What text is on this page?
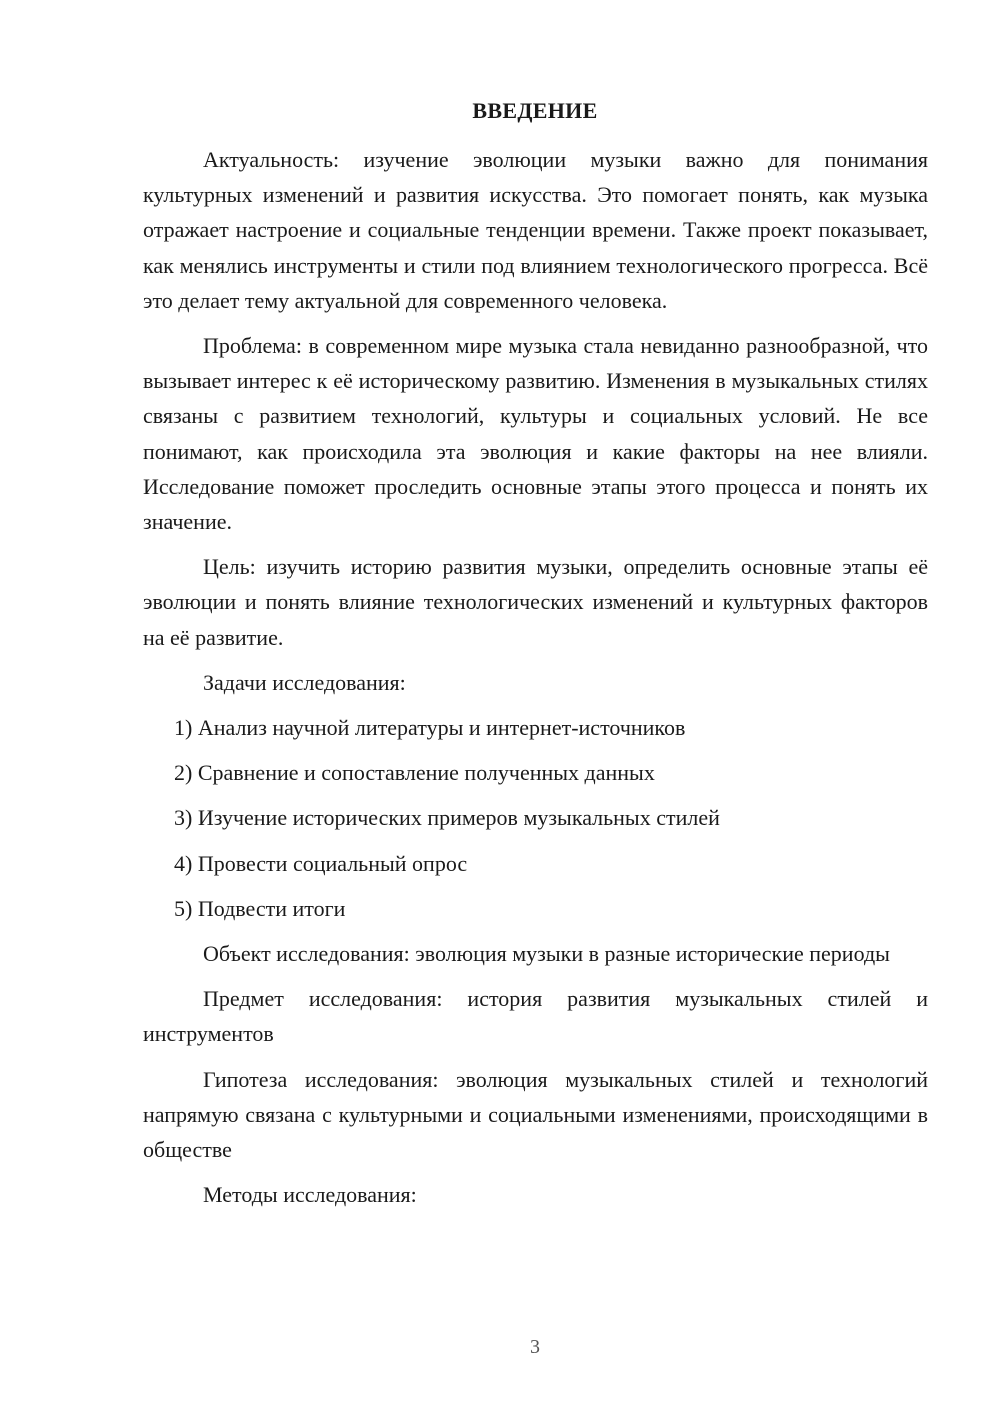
ВВЕДЕНИЕ

Актуальность: изучение эволюции музыки важно для понимания культурных изменений и развития искусства. Это помогает понять, как музыка отражает настроение и социальные тенденции времени. Также проект показывает, как менялись инструменты и стили под влиянием технологического прогресса. Всё это делает тему актуальной для современного человека.

Проблема: в современном мире музыка стала невиданно разнообразной, что вызывает интерес к её историческому развитию. Изменения в музыкальных стилях связаны с развитием технологий, культуры и социальных условий. Не все понимают, как происходила эта эволюция и какие факторы на нее влияли. Исследование поможет проследить основные этапы этого процесса и понять их значение.

Цель: изучить историю развития музыки, определить основные этапы её эволюции и понять влияние технологических изменений и культурных факторов на её развитие.

Задачи исследования:

1) Анализ научной литературы и интернет-источников
2) Сравнение и сопоставление полученных данных
3) Изучение исторических примеров музыкальных стилей
4) Провести социальный опрос
5) Подвести итоги

Объект исследования: эволюция музыки в разные исторические периоды

Предмет исследования: история развития музыкальных стилей и инструментов

Гипотеза исследования: эволюция музыкальных стилей и технологий напрямую связана с культурными и социальными изменениями, происходящими в обществе

Методы исследования:

3
